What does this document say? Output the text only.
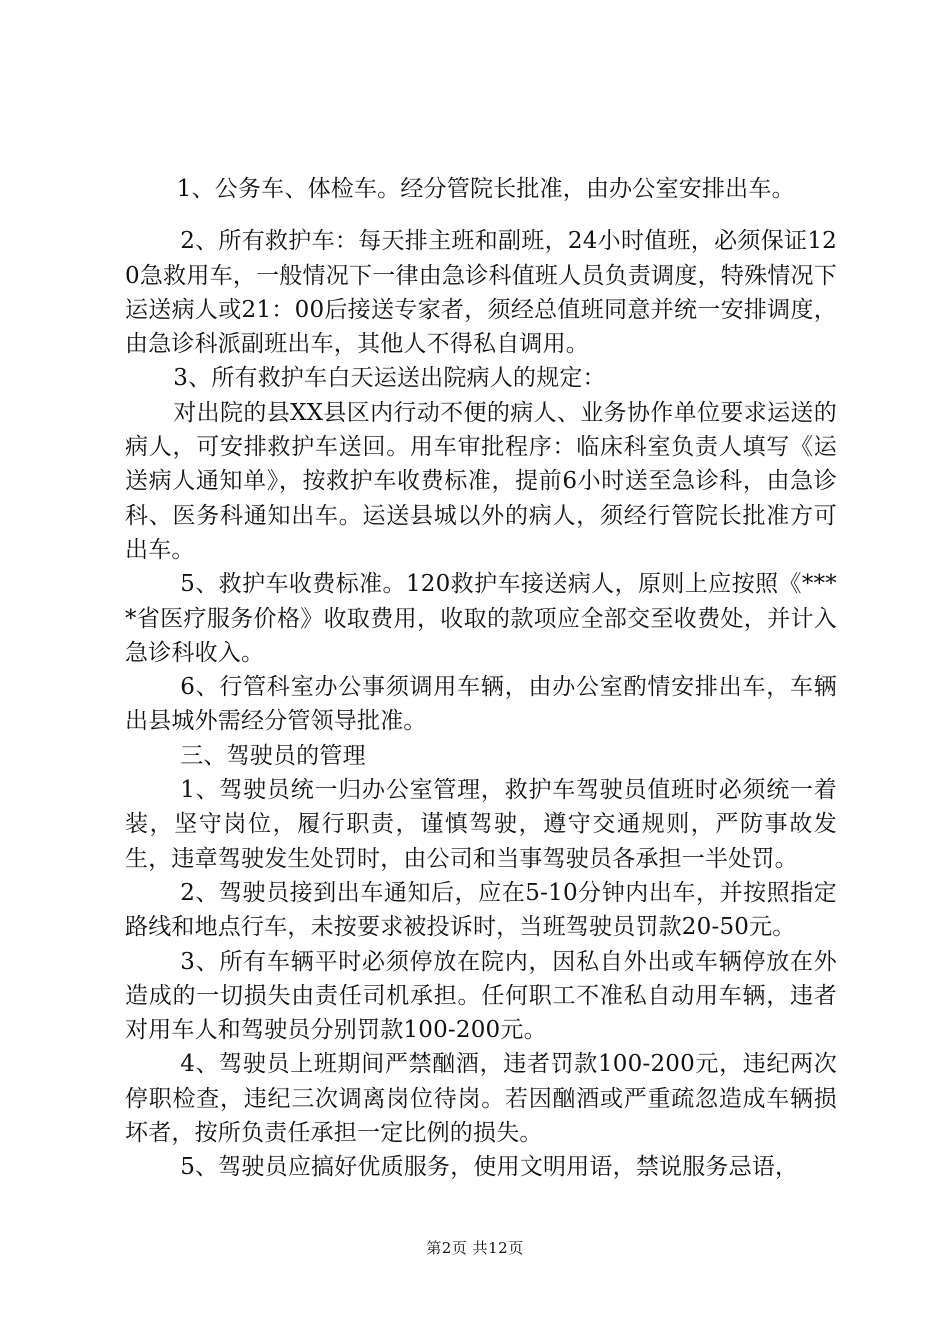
1、公务车、体检车。经分管院长批准，由办公室安排出车。

2、所有救护车：每天排主班和副班，24小时值班，必须保证120急救用车，一般情况下一律由急诊科值班人员负责调度，特殊情况下运送病人或21：00后接送专家者，须经总值班同意并统一安排调度，由急诊科派副班出车，其他人不得私自调用。

3、所有救护车白天运送出院病人的规定：

对出院的县XX县区内行动不便的病人、业务协作单位要求运送的病人，可安排救护车送回。用车审批程序：临床科室负责人填写《运送病人通知单》，按救护车收费标准，提前6小时送至急诊科，由急诊科、医务科通知出车。运送县城以外的病人，须经行管院长批准方可出车。

5、救护车收费标准。120救护车接送病人，原则上应按照《****省医疗服务价格》收取费用，收取的款项应全部交至收费处，并计入急诊科收入。

6、行管科室办公事须调用车辆，由办公室酌情安排出车，车辆出县城外需经分管领导批准。

三、驾驶员的管理

1、驾驶员统一归办公室管理，救护车驾驶员值班时必须统一着装，坚守岗位，履行职责，谨慎驾驶，遵守交通规则，严防事故发生，违章驾驶发生处罚时，由公司和当事驾驶员各承担一半处罚。

2、驾驶员接到出车通知后，应在5-10分钟内出车，并按照指定路线和地点行车，未按要求被投诉时，当班驾驶员罚款20-50元。

3、所有车辆平时必须停放在院内，因私自外出或车辆停放在外造成的一切损失由责任司机承担。任何职工不准私自动用车辆，违者对用车人和驾驶员分别罚款100-200元。

4、驾驶员上班期间严禁酗酒，违者罚款100-200元，违纪两次停职检查，违纪三次调离岗位待岗。若因酗酒或严重疏忽造成车辆损坏者，按所负责任承担一定比例的损失。

5、驾驶员应搞好优质服务，使用文明用语，禁说服务忌语，

第2页 共12页
